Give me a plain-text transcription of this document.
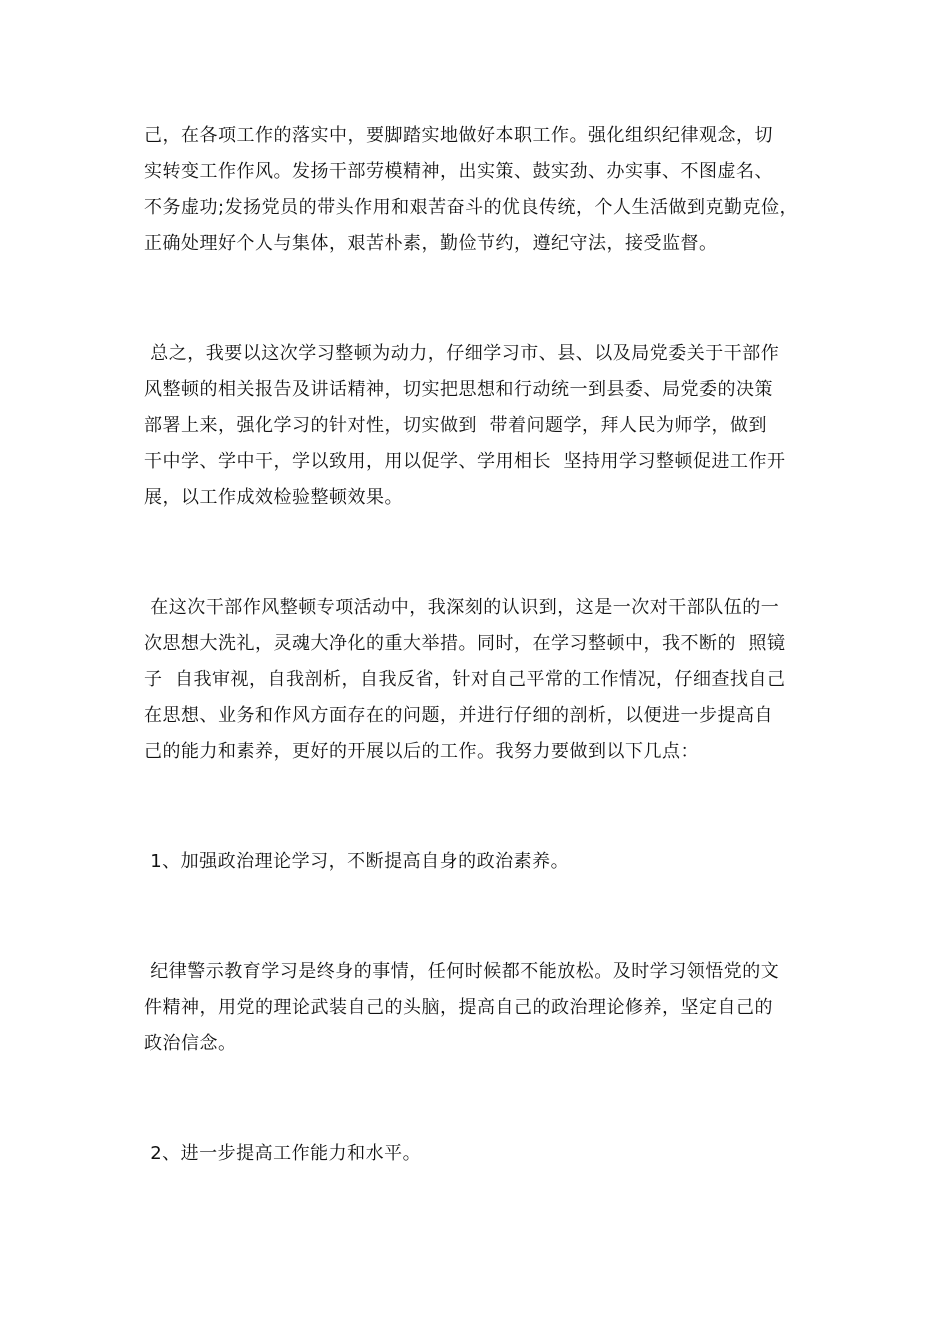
己，在各项工作的落实中，要脚踏实地做好本职工作。强化组织纪律观念，切

实转变工作作风。发扬干部劳模精神，出实策、鼓实劲、办实事、不图虚名、

不务虚功;发扬党员的带头作用和艰苦奋斗的优良传统，个人生活做到克勤克俭，

正确处理好个人与集体，艰苦朴素，勤俭节约，遵纪守法，接受监督。

总之，我要以这次学习整顿为动力，仔细学习市、县、以及局党委关于干部作

风整顿的相关报告及讲话精神，切实把思想和行动统一到县委、局党委的决策

部署上来，强化学习的针对性，切实做到  带着问题学，拜人民为师学，做到

干中学、学中干，学以致用，用以促学、学用相长  坚持用学习整顿促进工作开

展，以工作成效检验整顿效果。

在这次干部作风整顿专项活动中，我深刻的认识到，这是一次对干部队伍的一

次思想大洗礼，灵魂大净化的重大举措。同时，在学习整顿中，我不断的  照镜

子  自我审视，自我剖析，自我反省，针对自己平常的工作情况，仔细查找自己

在思想、业务和作风方面存在的问题，并进行仔细的剖析，以便进一步提高自

己的能力和素养，更好的开展以后的工作。我努力要做到以下几点：

1、加强政治理论学习，不断提高自身的政治素养。

纪律警示教育学习是终身的事情，任何时候都不能放松。及时学习领悟党的文

件精神，用党的理论武装自己的头脑，提高自己的政治理论修养，坚定自己的

政治信念。

2、进一步提高工作能力和水平。
